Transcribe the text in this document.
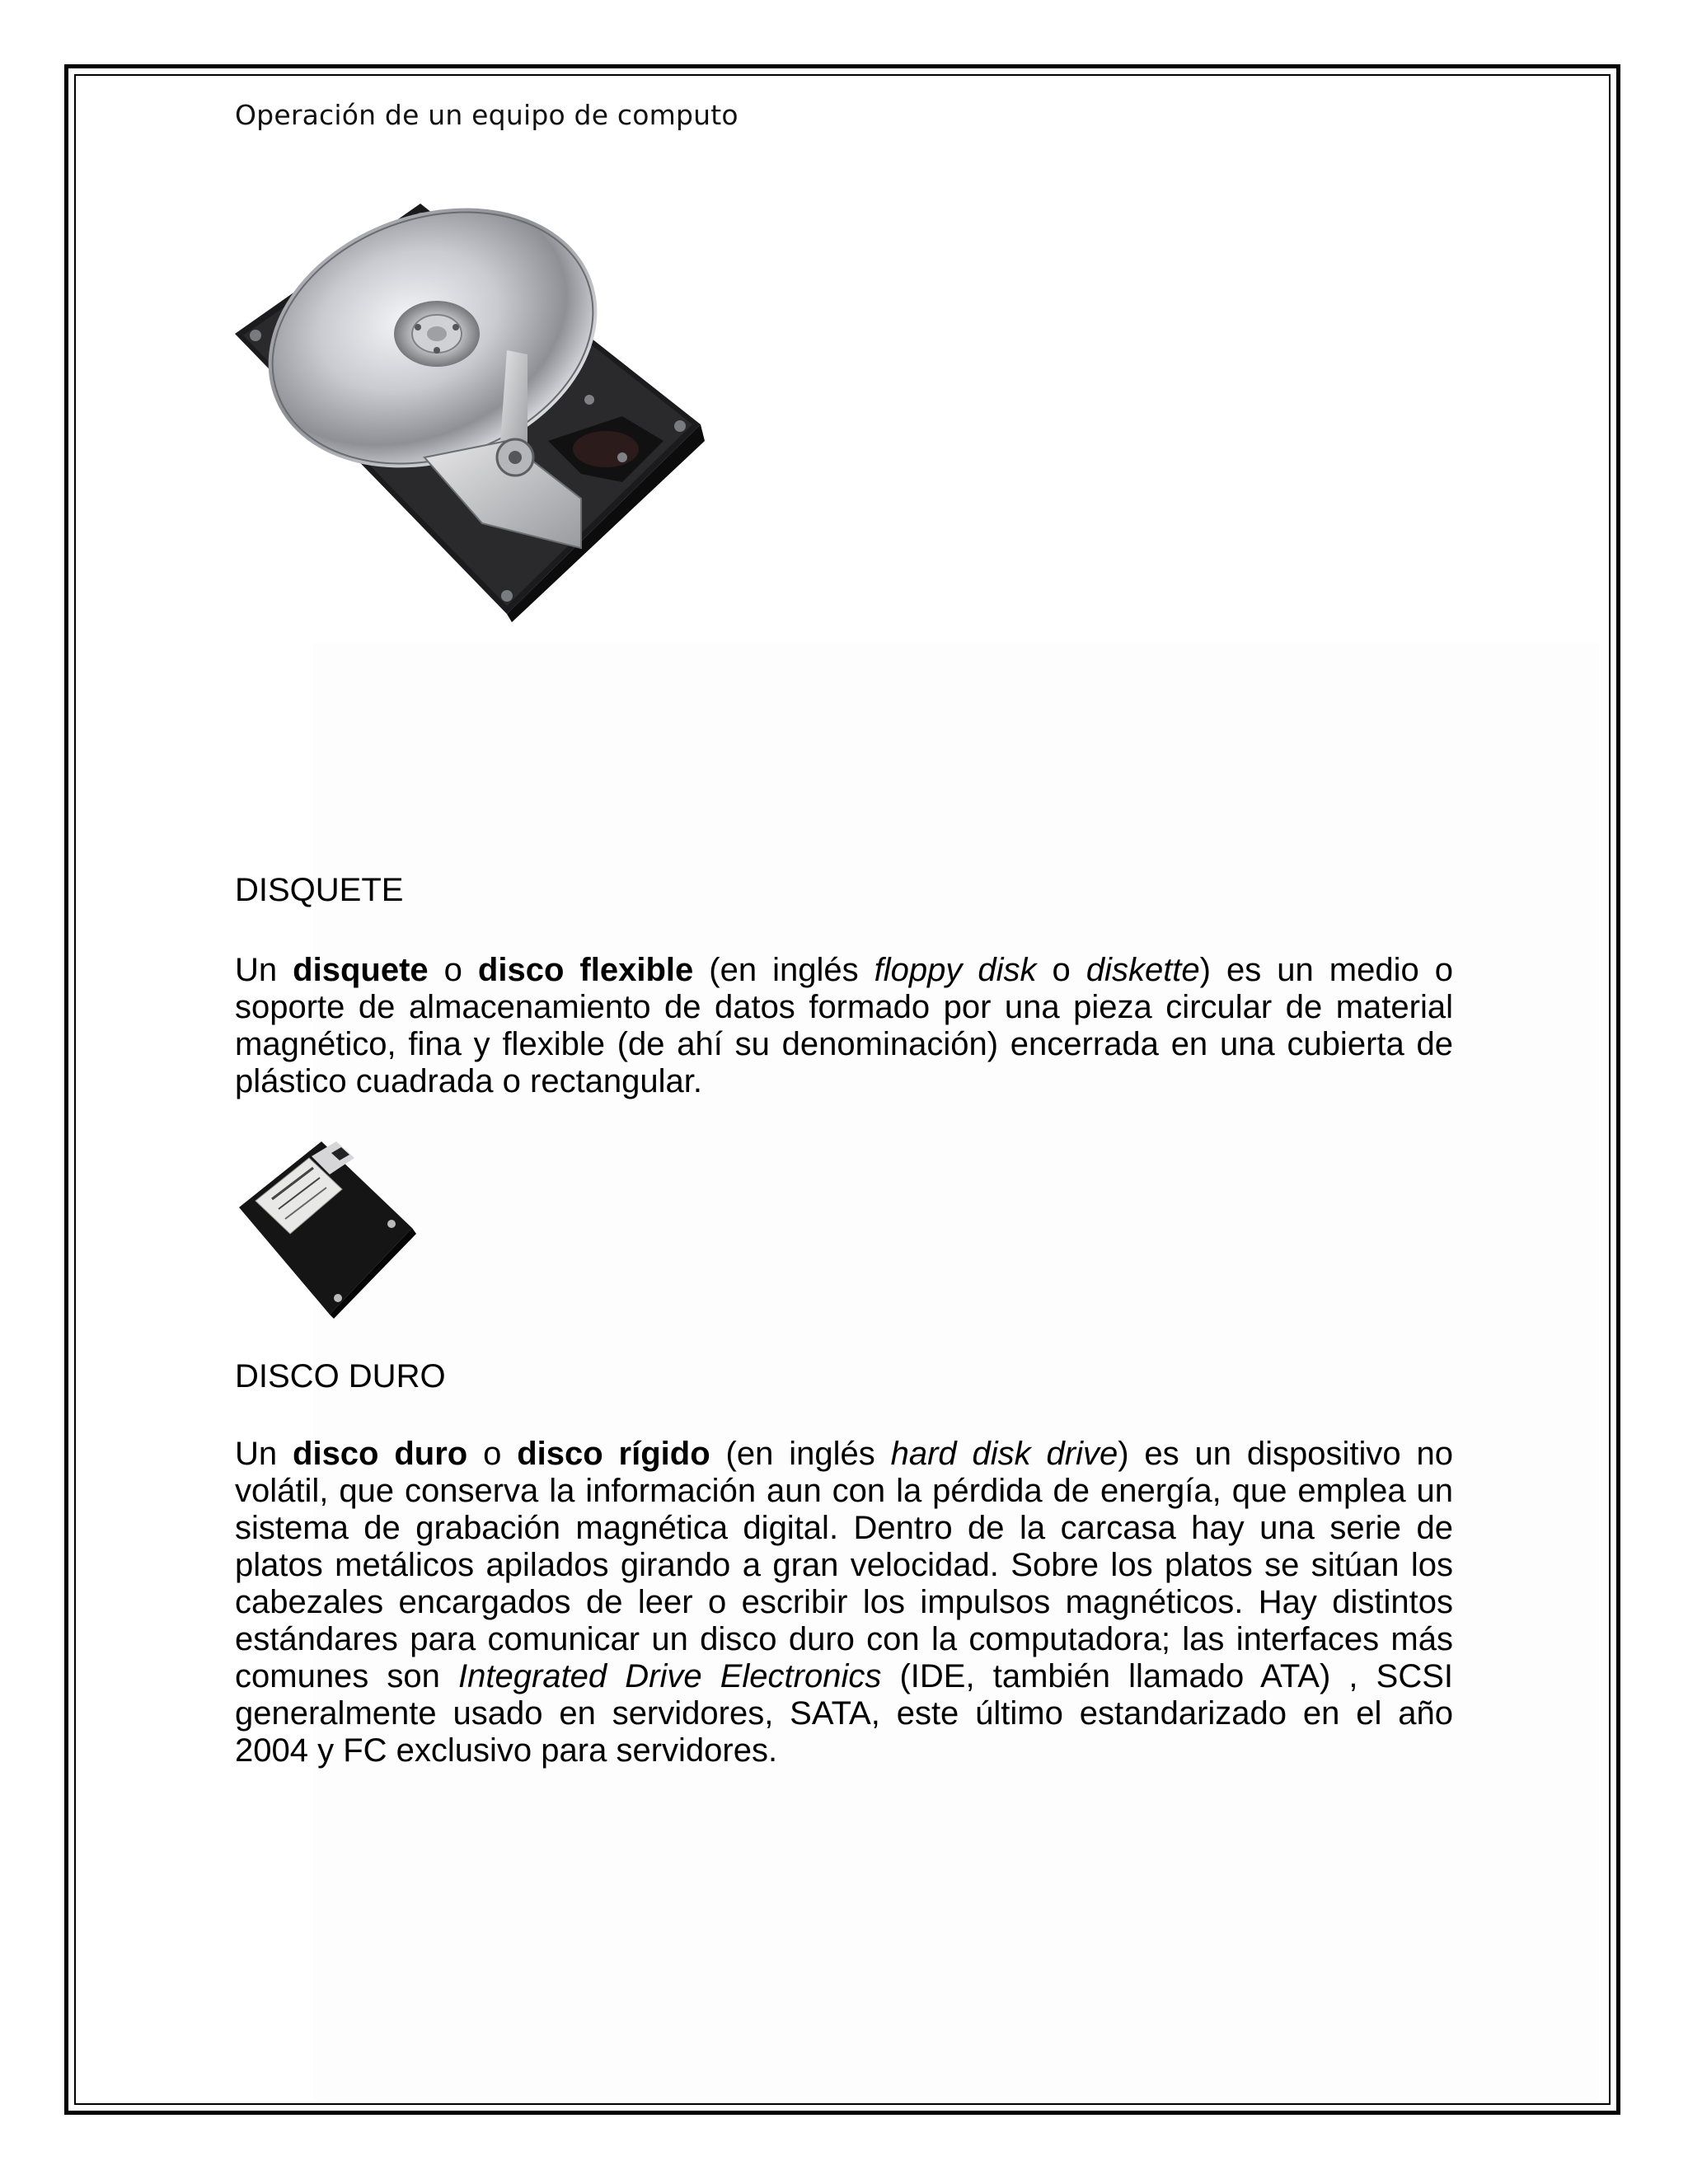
Operación de un equipo de computo
DISQUETE
Un disquete o disco flexible (en inglés floppy disk o diskette) es un medio o soporte de almacenamiento de datos formado por una pieza circular de material magnético, fina y flexible (de ahí su denominación) encerrada en una cubierta de plástico cuadrada o rectangular.
DISCO DURO
Un disco duro o disco rígido (en inglés hard disk drive) es un dispositivo no volátil, que conserva la información aun con la pérdida de energía, que emplea un sistema de grabación magnética digital. Dentro de la carcasa hay una serie de platos metálicos apilados girando a gran velocidad. Sobre los platos se sitúan los cabezales encargados de leer o escribir los impulsos magnéticos. Hay distintos estándares para comunicar un disco duro con la computadora; las interfaces más comunes son Integrated Drive Electronics (IDE, también llamado ATA) , SCSI generalmente usado en servidores, SATA, este último estandarizado en el año 2004 y FC exclusivo para servidores.
